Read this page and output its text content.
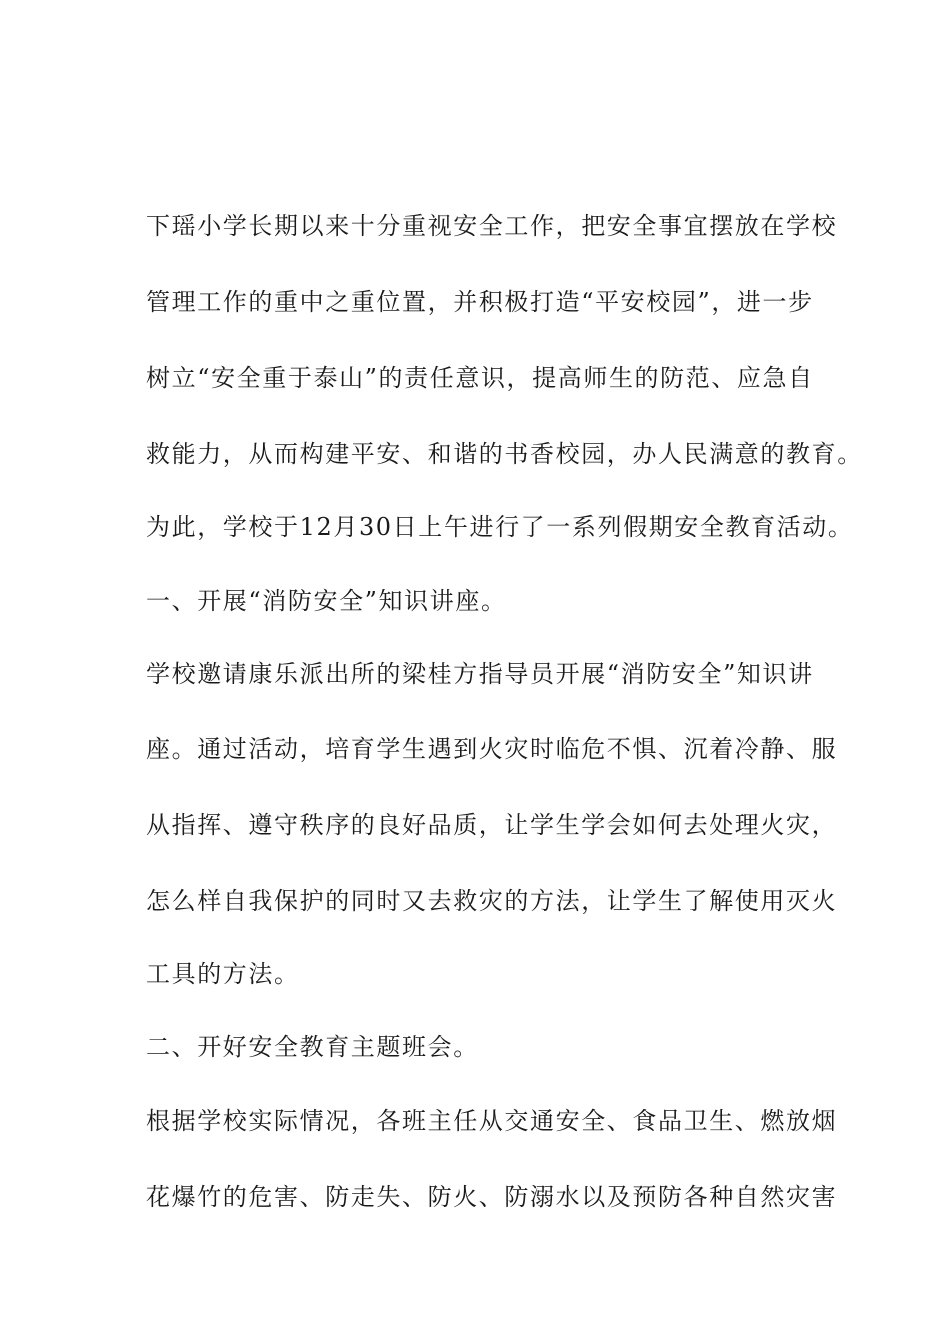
下瑶小学长期以来十分重视安全工作，把安全事宜摆放在学校
管理工作的重中之重位置，并积极打造“平安校园”，进一步
树立“安全重于泰山”的责任意识，提高师生的防范、应急自
救能力，从而构建平安、和谐的书香校园，办人民满意的教育。
为此，学校于12月30日上午进行了一系列假期安全教育活动。
一、开展“消防安全”知识讲座。
学校邀请康乐派出所的梁桂方指导员开展“消防安全”知识讲
座。通过活动，培育学生遇到火灾时临危不惧、沉着冷静、服
从指挥、遵守秩序的良好品质，让学生学会如何去处理火灾，
怎么样自我保护的同时又去救灾的方法，让学生了解使用灭火
工具的方法。
二、开好安全教育主题班会。
根据学校实际情况，各班主任从交通安全、食品卫生、燃放烟
花爆竹的危害、防走失、防火、防溺水以及预防各种自然灾害
